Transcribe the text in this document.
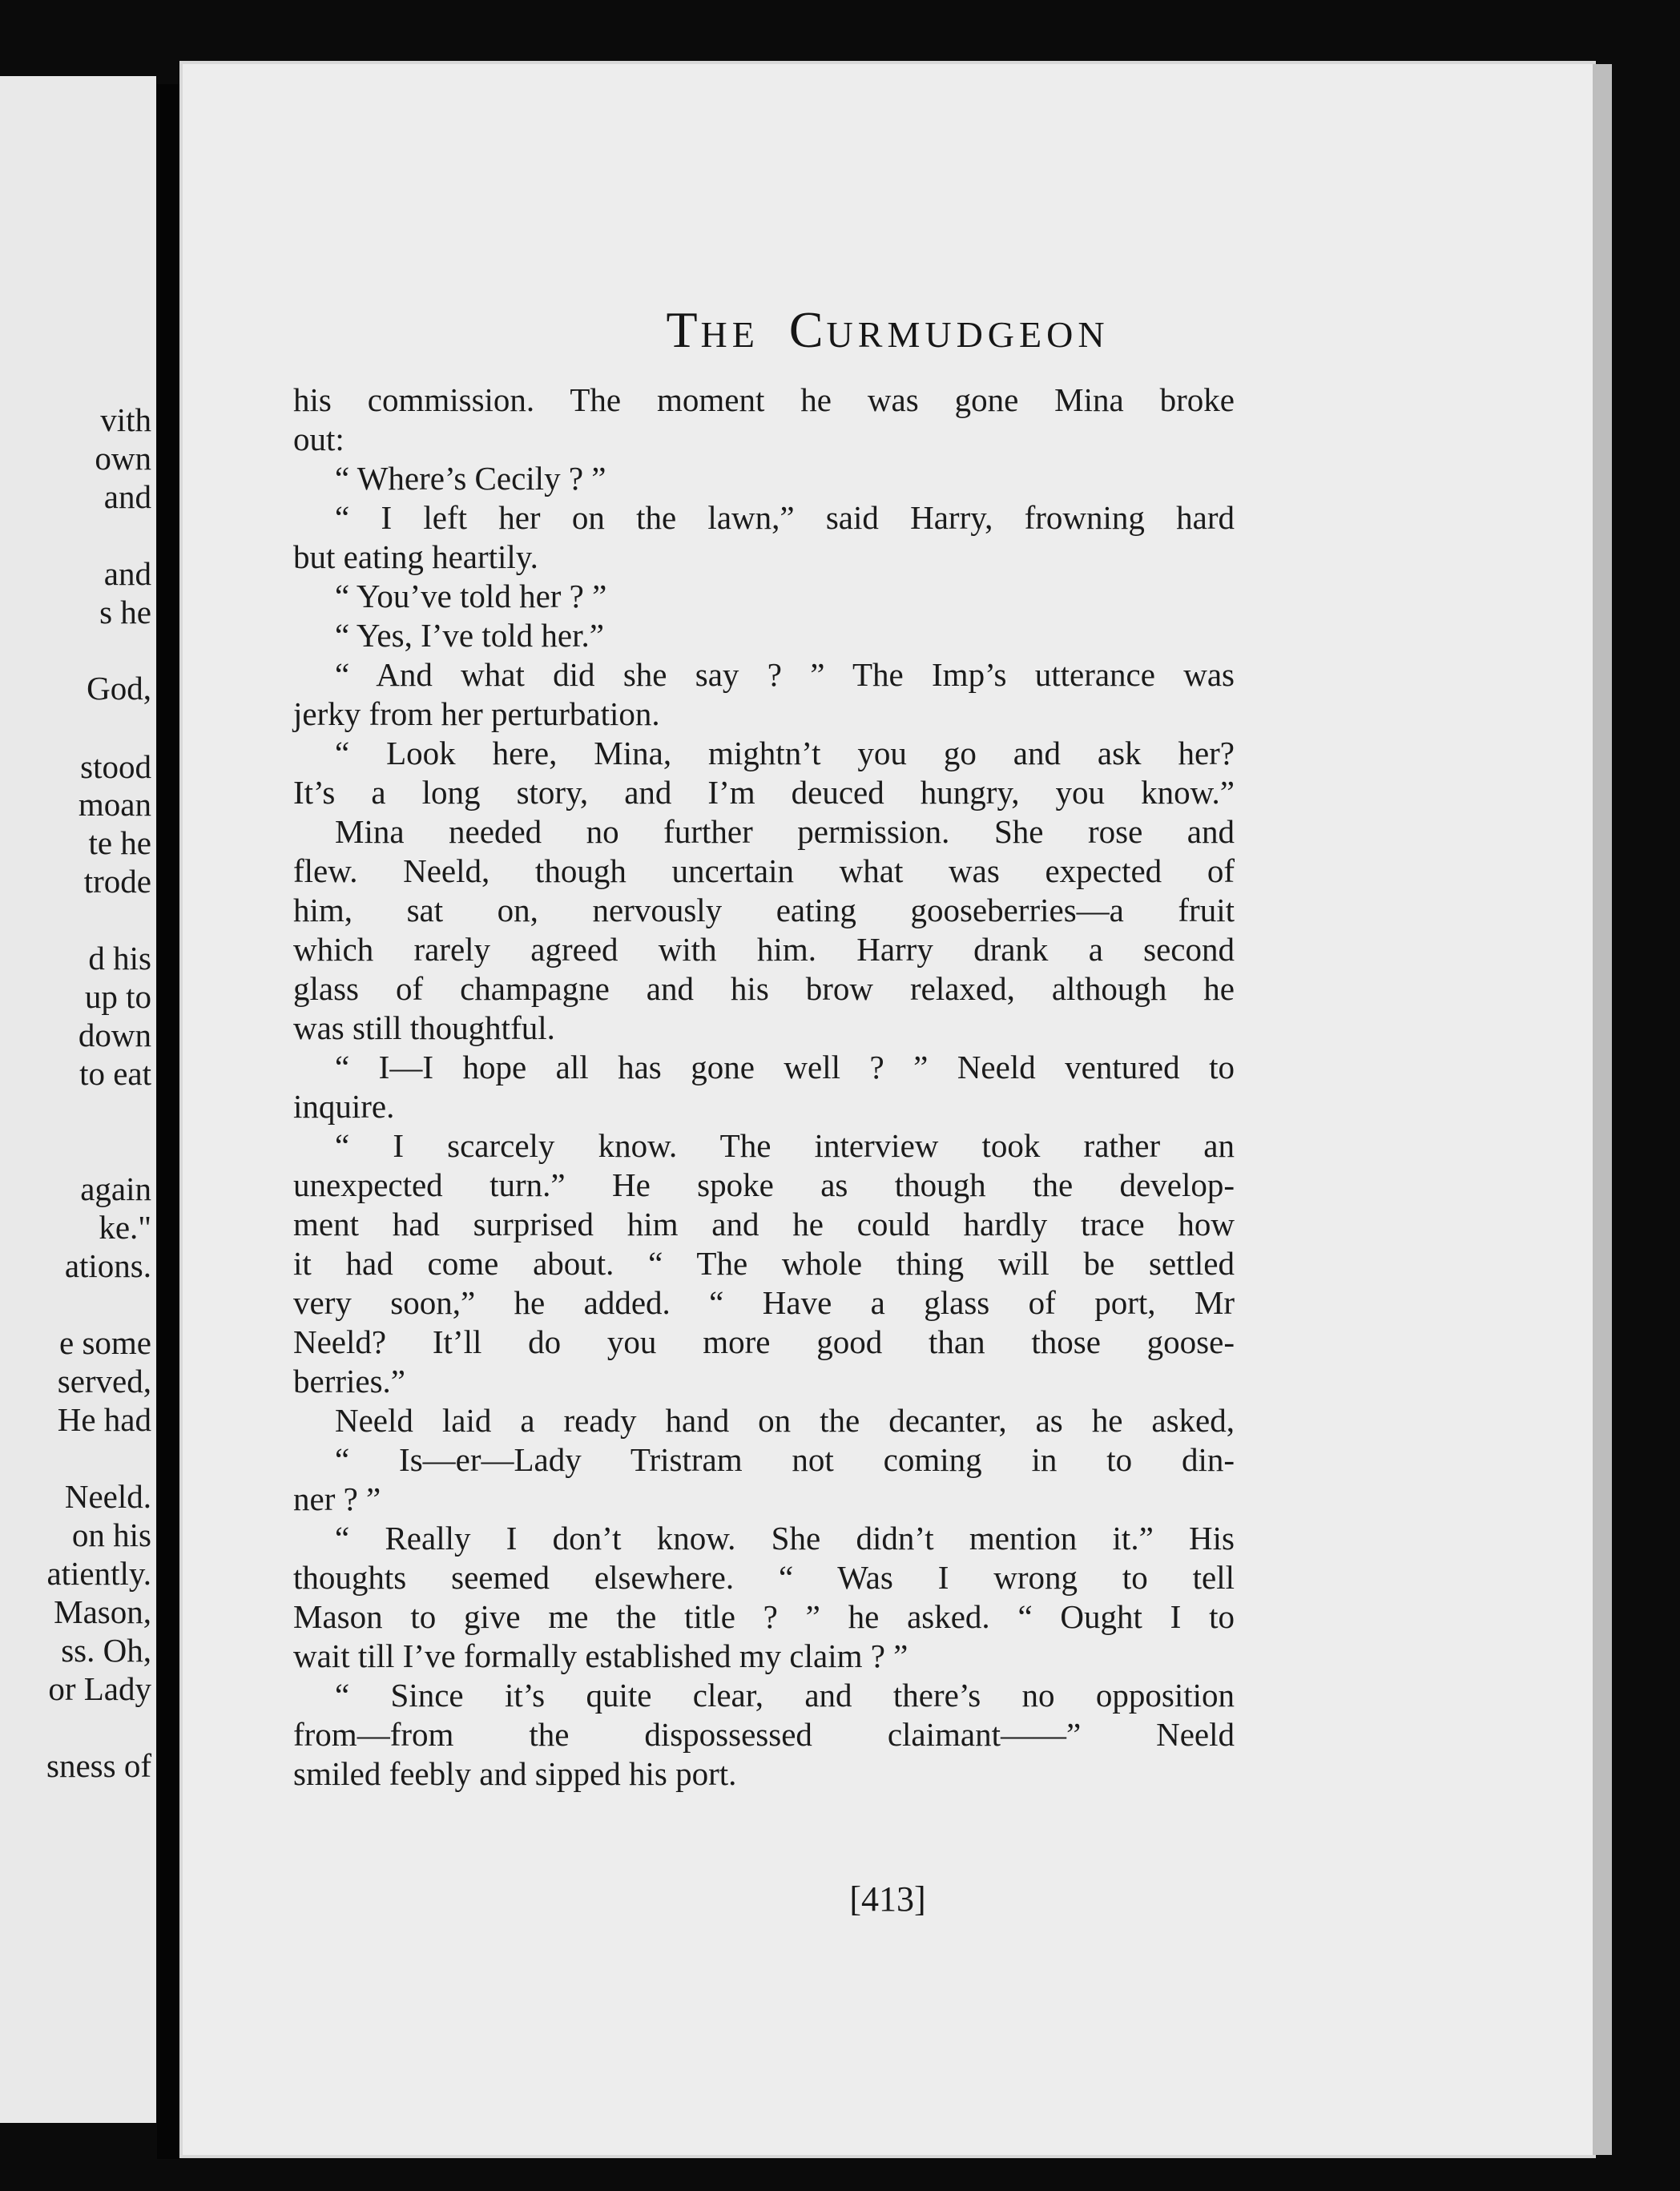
vith
own
and
and
s he
God,
stood
moan
te he
trode
d his
up to
down
to eat
again
ke."
ations.
e some
served,
He had
Neeld.
on his
atiently.
Mason,
ss. Oh,
or Lady
sness of
THE CURMUDGEON
his commission. The moment he was gone Mina broke
out:
“ Where’s Cecily ? ”
“ I left her on the lawn,” said Harry, frowning hard
but eating heartily.
“ You’ve told her ? ”
“ Yes, I’ve told her.”
“ And what did she say ? ” The Imp’s utterance was
jerky from her perturbation.
“ Look here, Mina, mightn’t you go and ask her?
It’s a long story, and I’m deuced hungry, you know.”
Mina needed no further permission. She rose and
flew. Neeld, though uncertain what was expected of
him, sat on, nervously eating gooseberries—a fruit
which rarely agreed with him. Harry drank a second
glass of champagne and his brow relaxed, although he
was still thoughtful.
“ I—I hope all has gone well ? ” Neeld ventured to
inquire.
“ I scarcely know. The interview took rather an
unexpected turn.” He spoke as though the develop-
ment had surprised him and he could hardly trace how
it had come about. “ The whole thing will be settled
very soon,” he added. “ Have a glass of port, Mr
Neeld? It’ll do you more good than those goose-
berries.”
Neeld laid a ready hand on the decanter, as he asked,
“ Is—er—Lady Tristram not coming in to din-
ner ? ”
“ Really I don’t know. She didn’t mention it.” His
thoughts seemed elsewhere. “ Was I wrong to tell
Mason to give me the title ? ” he asked. “ Ought I to
wait till I’ve formally established my claim ? ”
“ Since it’s quite clear, and there’s no opposition
from—from the dispossessed claimant——” Neeld
smiled feebly and sipped his port.
[413]
